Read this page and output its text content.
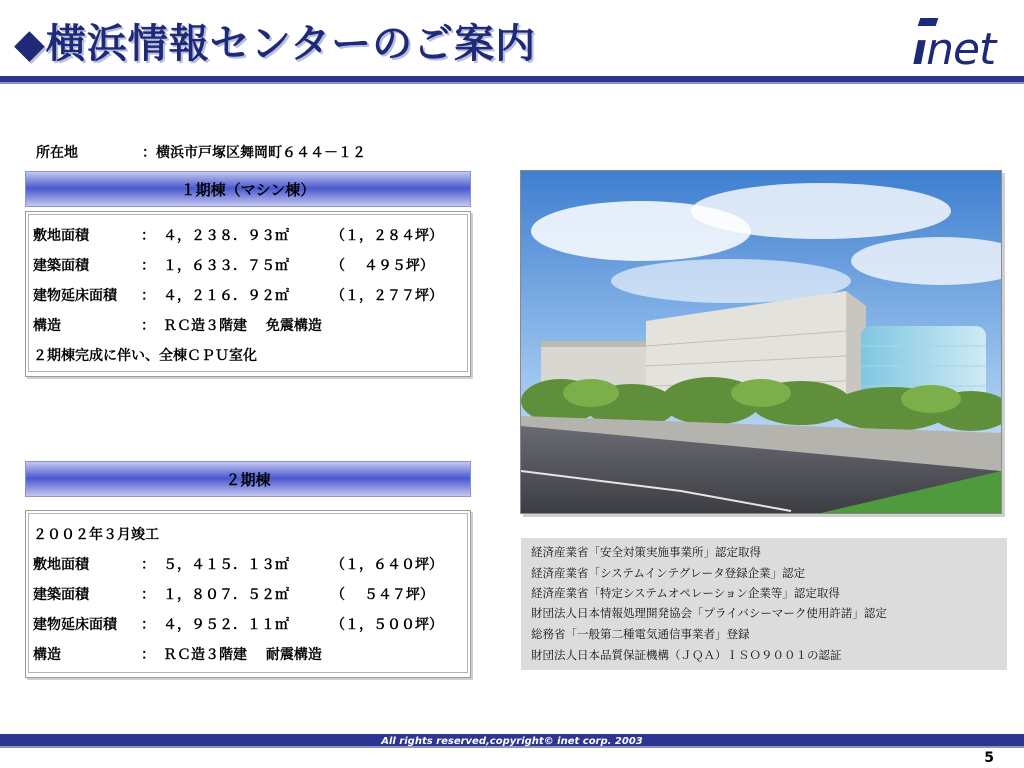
◆横浜情報センターのご案内	ınet
所在地	：横浜市戸塚区舞岡町６４４－１２
１期棟（マシン棟）
敷地面積	： ４，２３８．９３㎡	（１，２８４坪）
建築面積	： １，６３３．７５㎡	（　 ４９５坪）
建物延床面積 ： ４，２１６．９２㎡	（１，２７７坪）
構造	： ＲＣ造３階建　 免震構造
２期棟完成に伴い、全棟ＣＰＵ室化
２期棟
２００２年３月竣工
敷地面積	： ５，４１５．１３㎡	（１，６４０坪）
建築面積	： １，８０７．５２㎡	（　 ５４７坪）
建物延床面積 ： ４，９５２．１１㎡	（１，５００坪）
構造	： ＲＣ造３階建　 耐震構造
経済産業省「安全対策実施事業所」認定取得
経済産業省「システムインテグレータ登録企業」認定
経済産業省「特定システムオペレーション企業等」認定取得
財団法人日本情報処理開発協会「プライバシーマーク使用許諾」認定
総務省「一般第二種電気通信事業者」登録
財団法人日本品質保証機構（ＪＱＡ）ＩＳＯ９００１の認証
All rights reserved,copyright© inet corp. 2003
5
